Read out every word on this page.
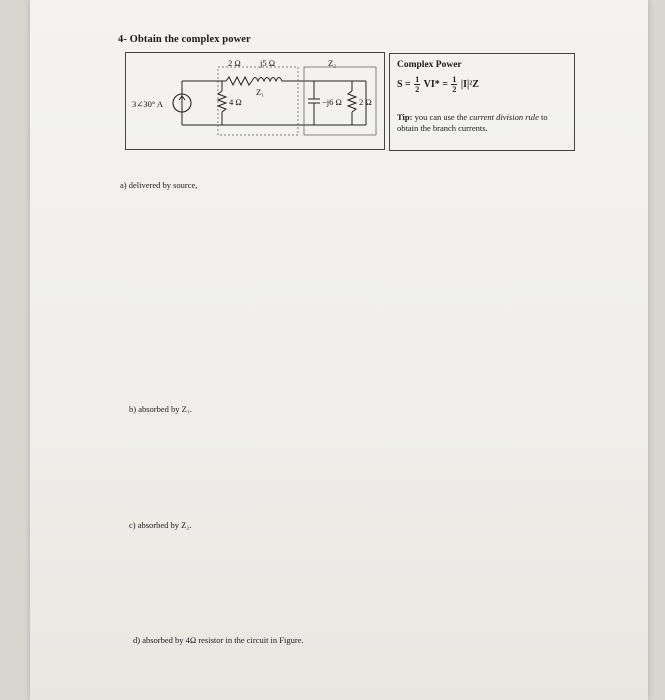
4- Obtain the complex power
3∠30° A
2 Ω j5 Ω
Z₁
Z₂
4 Ω	−j6 Ω 2 Ω
Complex Power
$S = \frac{1}{2} VI* = \frac{1}{2} |I|^2Z$
Tip: you can use the current division rule to obtain the branch currents.
a) delivered by source,
b) absorbed by Z₁.
c) absorbed by Z₂.
d) absorbed by 4Ω resistor in the circuit in Figure.
